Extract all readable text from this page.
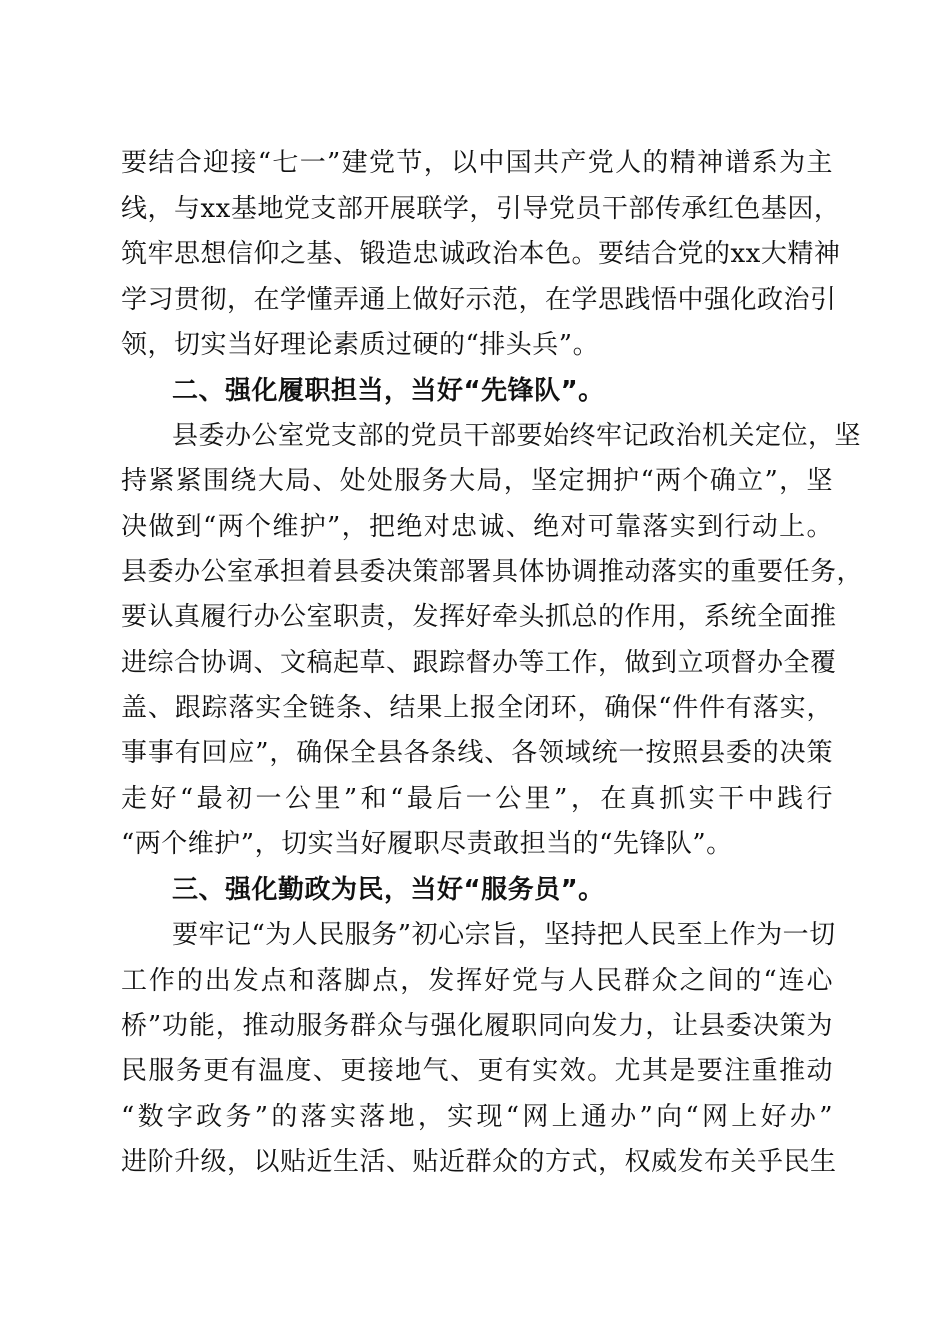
要结合迎接“七一”建党节，以中国共产党人的精神谱系为主
线，与xx基地党支部开展联学，引导党员干部传承红色基因，
筑牢思想信仰之基、锻造忠诚政治本色。要结合党的xx大精神
学习贯彻，在学懂弄通上做好示范，在学思践悟中强化政治引
领，切实当好理论素质过硬的“排头兵”。
二、强化履职担当，当好“先锋队”。
县委办公室党支部的党员干部要始终牢记政治机关定位，坚
持紧紧围绕大局、处处服务大局，坚定拥护“两个确立”，坚
决做到“两个维护”，把绝对忠诚、绝对可靠落实到行动上。
县委办公室承担着县委决策部署具体协调推动落实的重要任务，
要认真履行办公室职责，发挥好牵头抓总的作用，系统全面推
进综合协调、文稿起草、跟踪督办等工作，做到立项督办全覆
盖、跟踪落实全链条、结果上报全闭环，确保“件件有落实，
事事有回应”，确保全县各条线、各领域统一按照县委的决策
走好“最初一公里”和“最后一公里”，在真抓实干中践行
“两个维护”，切实当好履职尽责敢担当的“先锋队”。
三、强化勤政为民，当好“服务员”。
要牢记“为人民服务”初心宗旨，坚持把人民至上作为一切
工作的出发点和落脚点，发挥好党与人民群众之间的“连心
桥”功能，推动服务群众与强化履职同向发力，让县委决策为
民服务更有温度、更接地气、更有实效。尤其是要注重推动
“数字政务”的落实落地，实现“网上通办”向“网上好办”
进阶升级，以贴近生活、贴近群众的方式，权威发布关乎民生
